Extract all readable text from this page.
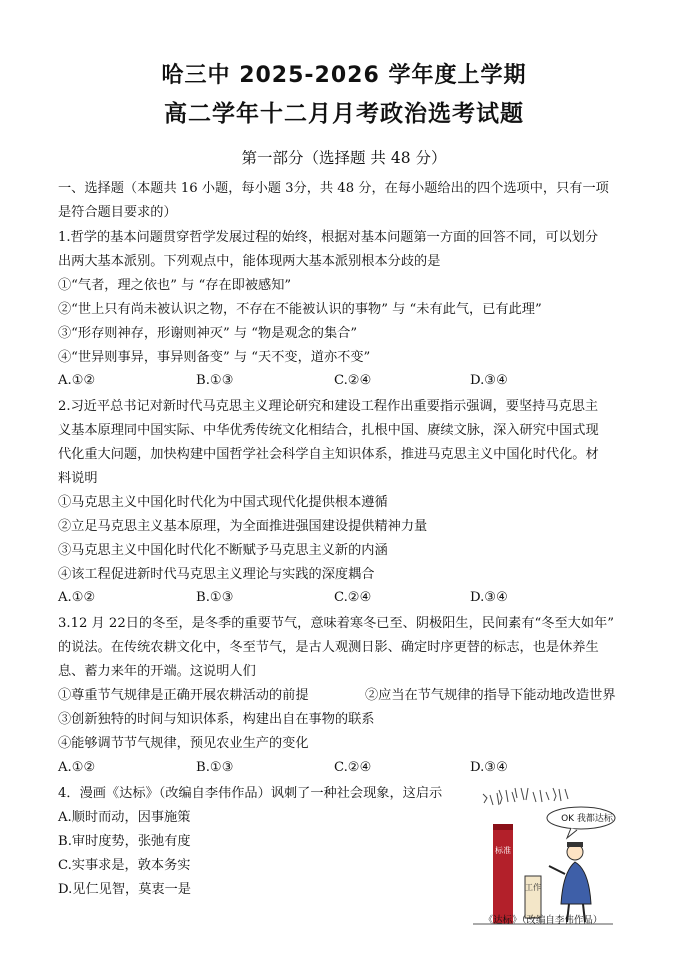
哈三中 2025-2026 学年度上学期
高二学年十二月月考政治选考试题
第一部分（选择题 共 48 分）
一、选择题（本题共 16 小题，每小题 3分，共 48 分，在每小题给出的四个选项中，只有一项
是符合题目要求的）
1.哲学的基本问题贯穿哲学发展过程的始终，根据对基本问题第一方面的回答不同，可以划分
出两大基本派别。下列观点中，能体现两大基本派别根本分歧的是
①“气者，理之依也” 与 “存在即被感知”
②“世上只有尚未被认识之物，不存在不能被认识的事物” 与 “未有此气，已有此理”
③“形存则神存，形谢则神灭” 与 “物是观念的集合”
④“世异则事异，事异则备变” 与 “天不变，道亦不变”
A.①②	B.①③	C.②④	D.③④
2.习近平总书记对新时代马克思主义理论研究和建设工程作出重要指示强调，要坚持马克思主
义基本原理同中国实际、中华优秀传统文化相结合，扎根中国、赓续文脉，深入研究中国式现
代化重大问题，加快构建中国哲学社会科学自主知识体系，推进马克思主义中国化时代化。材
料说明
①马克思主义中国化时代化为中国式现代化提供根本遵循
②立足马克思主义基本原理，为全面推进强国建设提供精神力量
③马克思主义中国化时代化不断赋予马克思主义新的内涵
④该工程促进新时代马克思主义理论与实践的深度耦合
A.①②	B.①③	C.②④	D.③④
3.12 月 22日的冬至，是冬季的重要节气，意味着寒冬已至、阴极阳生，民间素有“冬至大如年”
的说法。在传统农耕文化中，冬至节气，是古人观测日影、确定时序更替的标志，也是休养生
息、蓄力来年的开端。这说明人们
①尊重节气规律是正确开展农耕活动的前提	②应当在节气规律的指导下能动地改造世界
③创新独特的时间与知识体系，构建出自在事物的联系
④能够调节节气规律，预见农业生产的变化
A.①②	B.①③	C.②④	D.③④
4．漫画《达标》（改编自李伟作品）讽刺了一种社会现象，这启示
A.顺时而动，因事施策
B.审时度势，张弛有度
C.实事求是，敦本务实
D.见仁见智，莫衷一是
OK 我都达标
标准
工作
《达标》（改编自李伟作品）
